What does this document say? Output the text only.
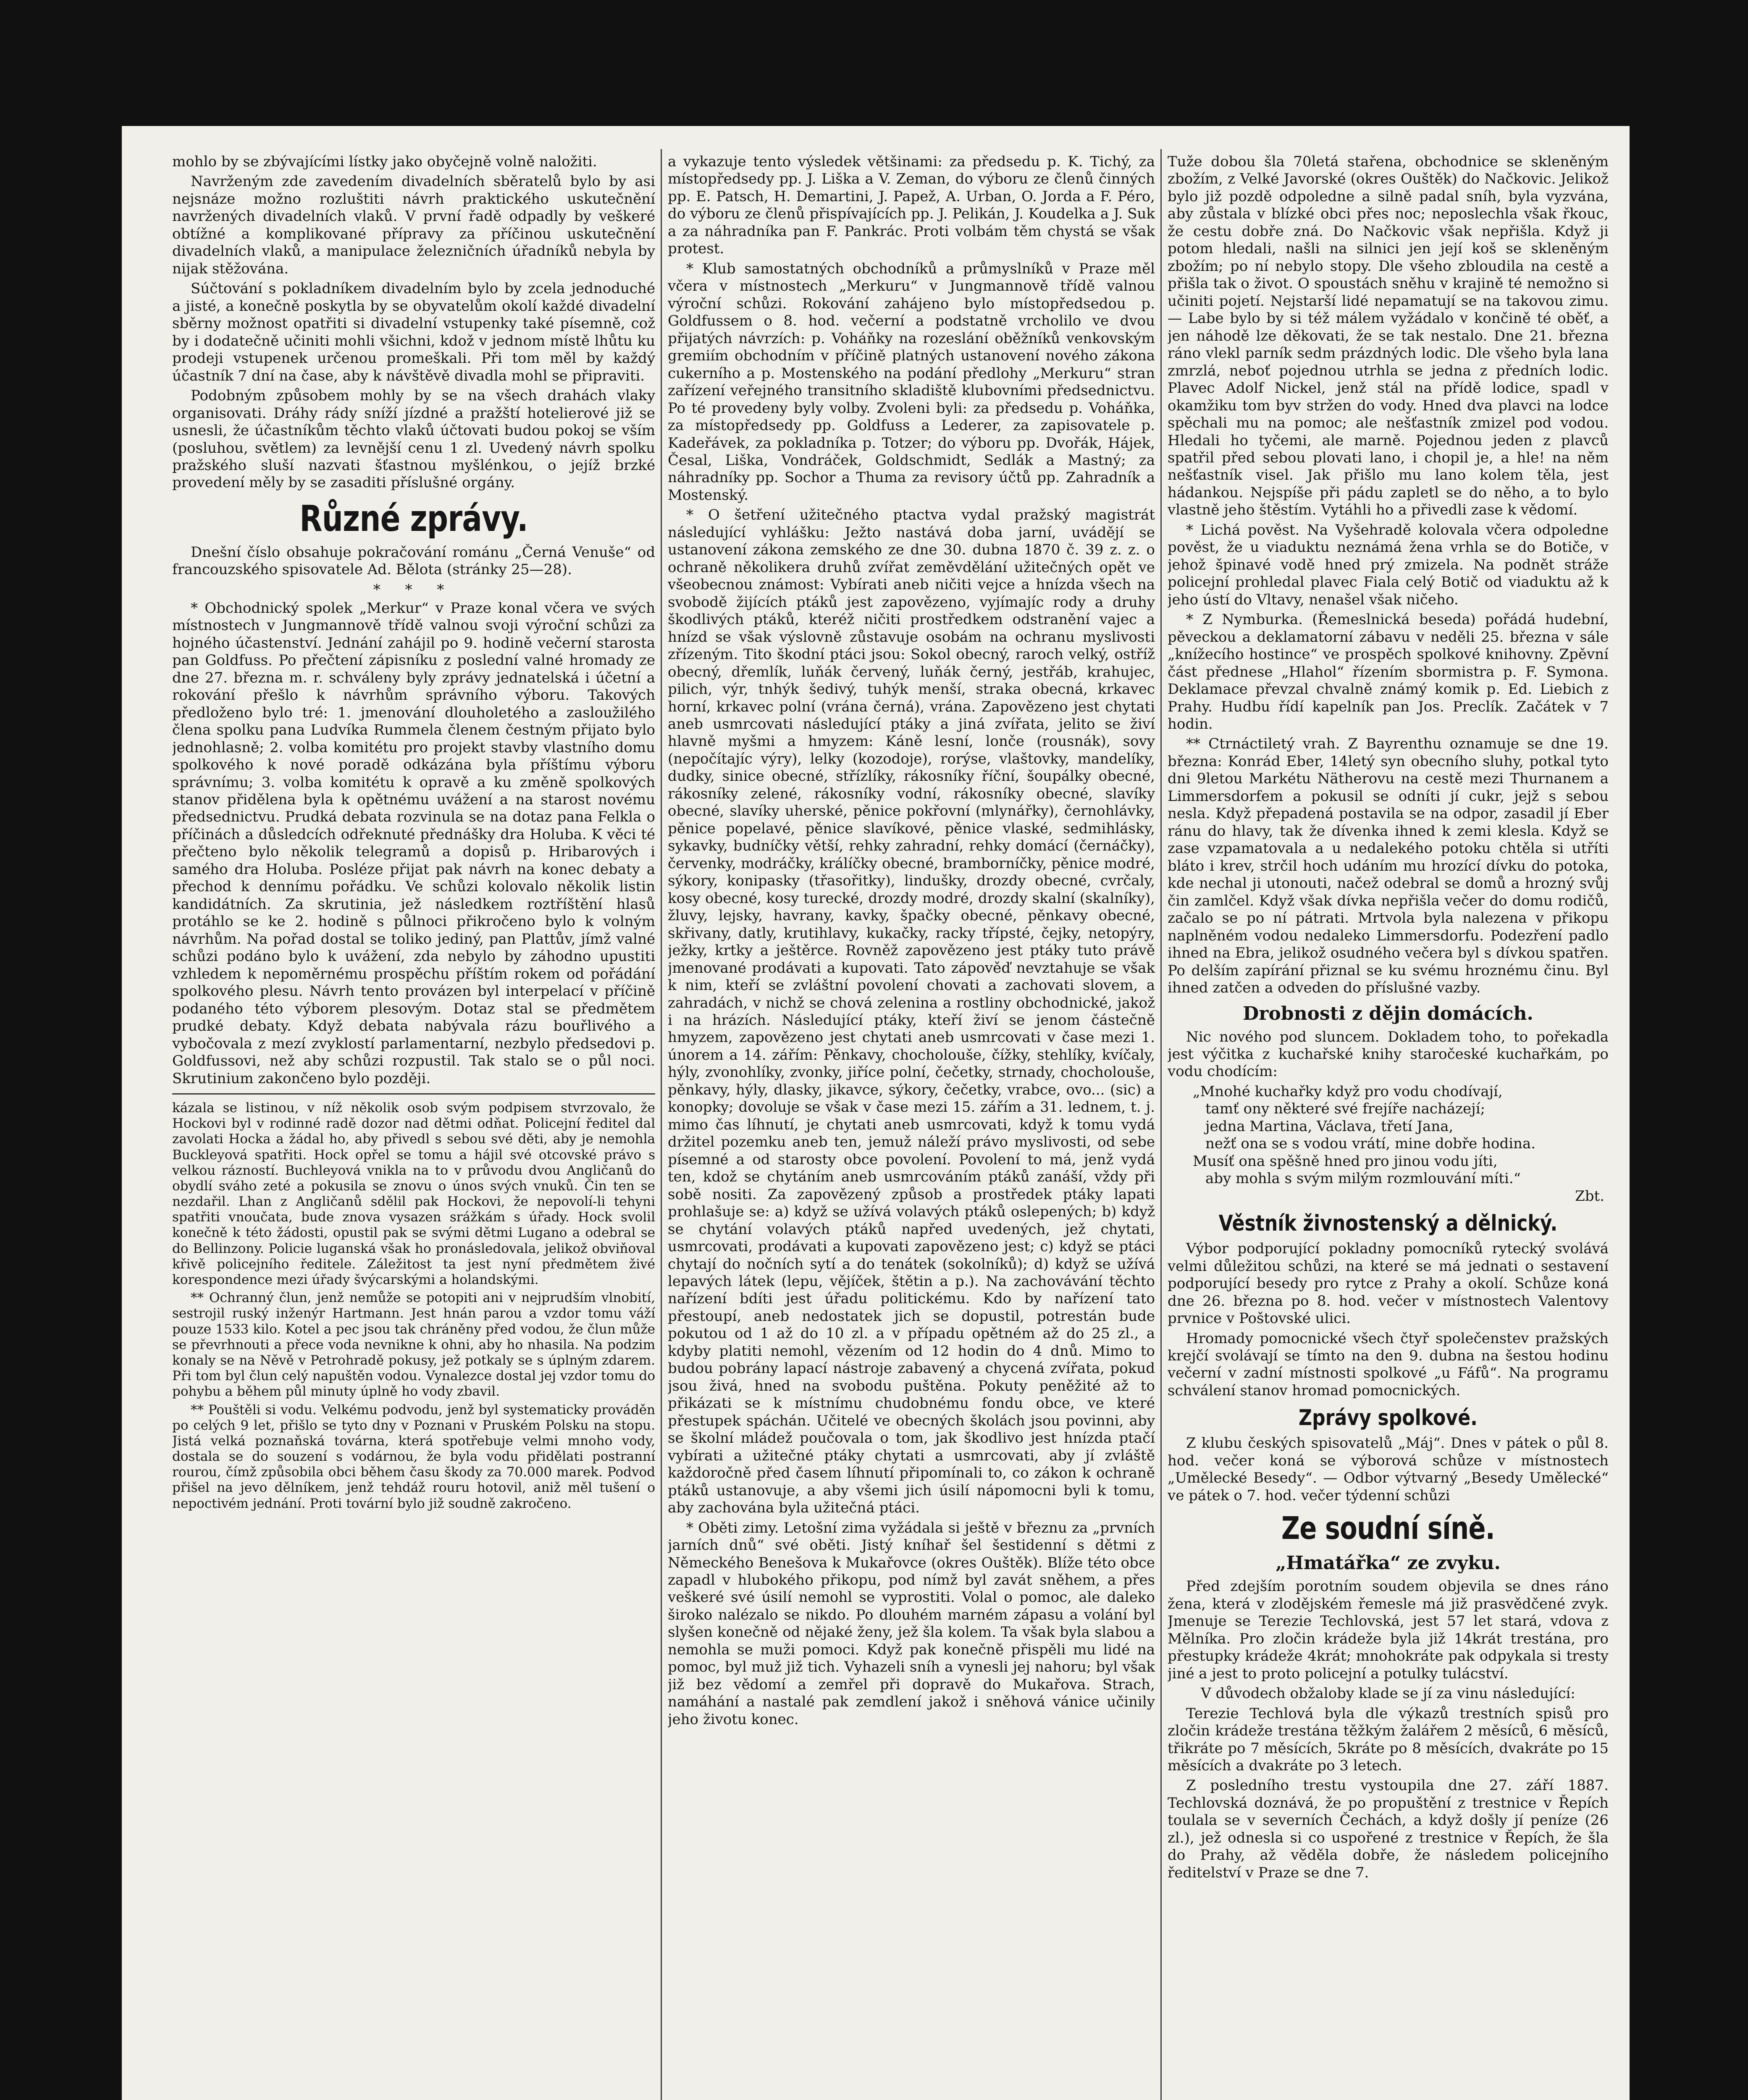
mohlo by se zbývajícími lístky jako obyčejně volně naložiti.

Navrženým zde zavedením divadelních sběratelů bylo by asi nejsnáze možno rozluštiti návrh praktického uskutečnění navržených divadelních vlaků. V první řadě odpadly by veškeré obtížné a komplikované přípravy za příčinou uskutečnění divadelních vlaků, a manipulace železničních úřadníků nebyla by nijak stěžována.

Súčtování s pokladníkem divadelním bylo by zcela jednoduché a jisté, a konečně poskytla by se obyvatelům okolí každé divadelní sběrny možnost opatřiti si divadelní vstupenky také písemně, což by i dodatečně učiniti mohli všichni, kdož v jednom místě lhůtu ku prodeji vstupenek určenou promeškali. Při tom měl by každý účastník 7 dní na čase, aby k návštěvě divadla mohl se připraviti.

Podobným způsobem mohly by se na všech drahách vlaky organisovati. Dráhy rády sníží jízdné a pražští hotelierové již se usnesli, že účastníkům těchto vlaků účtovati budou pokoj se vším (posluhou, světlem) za levnější cenu 1 zl. Uvedený návrh spolku pražského sluší nazvati šťastnou myšlénkou, o jejíž brzké provedení měly by se zasaditi příslušné orgány.

Různé zprávy.

Dnešní číslo obsahuje pokračování románu „Černá Venuše“ od francouzského spisovatele Ad. Bělota (stránky 25—28).

* * *

* Obchodnický spolek „Merkur“ v Praze konal včera ve svých místnostech v Jungmannově třídě valnou svoji výroční schůzi za hojného účastenství. Jednání zahájil po 9. hodině večerní starosta pan Goldfuss. Po přečtení zápisníku z poslední valné hromady ze dne 27. března m. r. schváleny byly zprávy jednatelská i účetní a rokování přešlo k návrhům správního výboru. Takových předloženo bylo tré: 1. jmenování dlouholetého a zasloužilého člena spolku pana Ludvíka Rummela členem čestným přijato bylo jednohlasně; 2. volba komitétu pro projekt stavby vlastního domu spolkového k nové poradě odkázána byla příštímu výboru správnímu; 3. volba komitétu k opravě a ku změně spolkových stanov přidělena byla k opětnému uvážení a na starost novému předsednictvu. Prudká debata rozvinula se na dotaz pana Felkla o příčinách a důsledcích odřeknuté přednášky dra Holuba. K věci té přečteno bylo několik telegramů a dopisů p. Hribarových i samého dra Holuba. Posléze přijat pak návrh na konec debaty a přechod k dennímu pořádku. Ve schůzi kolovalo několik listin kandidátních. Za skrutinia, jež následkem roztříštění hlasů protáhlo se ke 2. hodině s půlnoci přikročeno bylo k volným návrhům. Na pořad dostal se toliko jediný, pan Plattův, jímž valné schůzi podáno bylo k uvážení, zda nebylo by záhodno upustiti vzhledem k nepoměrnému prospěchu příštím rokem od pořádání spolkového plesu. Návrh tento provázen byl interpelací v příčině podaného této výborem plesovým. Dotaz stal se předmětem prudké debaty. Když debata nabývala rázu bouřlivého a vybočovala z mezí zvyklostí parlamentarní, nezbylo předsedovi p. Goldfussovi, než aby schůzi rozpustil. Tak stalo se o půl noci. Skrutinium zakončeno bylo později.

kázala se listinou, v níž několik osob svým podpisem stvrzovalo, že Hockovi byl v rodinné radě dozor nad dětmi odňat. Policejní ředitel dal zavolati Hocka a žádal ho, aby přivedl s sebou své děti, aby je nemohla Buckleyová spatřiti. Hock opřel se tomu a hájil své otcovské právo s velkou rázností. Buchleyová vnikla na to v průvodu dvou Angličanů do obydlí sváho zeté a pokusila se znovu o únos svých vnuků. Čin ten se nezdařil. Lhan z Angličanů sdělil pak Hockovi, že nepovolí-li tehyni spatřiti vnoučata, bude znova vysazen srážkám s úřady. Hock svolil konečně k této žádosti, opustil pak se svými dětmi Lugano a odebral se do Bellinzony. Policie luganská však ho pronásledovala, jelikož obviňoval křivě policejního ředitele. Záležitost ta jest nyní předmětem živé korespondence mezi úřady švýcarskými a holandskými.

** Ochranný člun, jenž nemůže se potopiti ani v nejprudším vlnobití, sestrojil ruský inženýr Hartmann. Jest hnán parou a vzdor tomu váží pouze 1533 kilo. Kotel a pec jsou tak chráněny před vodou, že člun může se převrhnouti a přece voda nevnikne k ohni, aby ho nhasila. Na podzim konaly se na Něvě v Petrohradě pokusy, jež potkaly se s úplným zdarem. Při tom byl člun celý napuštěn vodou. Vynalezce dostal jej vzdor tomu do pohybu a během půl minuty úplně ho vody zbavil.

** Pouštěli si vodu. Velkému podvodu, jenž byl systematicky prováděn po celých 9 let, přišlo se tyto dny v Poznani v Pruském Polsku na stopu. Jistá velká poznaňská továrna, která spotřebuje velmi mnoho vody, dostala se do souzení s vodárnou, že byla vodu přidělati postranní rourou, čímž způsobila obci během času škody za 70.000 marek. Podvod přišel na jevo dělníkem, jenž tehdáž rouru hotovil, aniž měl tušení o nepoctivém jednání. Proti tovární bylo již soudně zakročeno.

a vykazuje tento výsledek většinami: za předsedu p. K. Tichý, za místopředsedy pp. J. Liška a V. Zeman, do výboru ze členů činných pp. E. Patsch, H. Demartini, J. Papež, A. Urban, O. Jorda a F. Péro, do výboru ze členů přispívajících pp. J. Pelikán, J. Koudelka a J. Suk a za náhradníka pan F. Pankrác. Proti volbám těm chystá se však protest.

* Klub samostatných obchodníků a průmyslníků v Praze měl včera v místnostech „Merkuru“ v Jungmannově třídě valnou výroční schůzi. Rokování zahájeno bylo místopředsedou p. Goldfussem o 8. hod. večerní a podstatně vrcholilo ve dvou přijatých návrzích: p. Voháňky na rozeslání oběžníků venkovským gremiím obchodním v příčině platných ustanovení nového zákona cukerního a p. Mostenského na podání předlohy „Merkuru“ stran zařízení veřejného transitního skladiště klubovními předsednictvu. Po té provedeny byly volby. Zvoleni byli: za předsedu p. Voháňka, za místopředsedy pp. Goldfuss a Lederer, za zapisovatele p. Kadeřávek, za pokladníka p. Totzer; do výboru pp. Dvořák, Hájek, Česal, Liška, Vondráček, Goldschmidt, Sedlák a Mastný; za náhradníky pp. Sochor a Thuma za revisory účtů pp. Zahradník a Mostenský.

* O šetření užitečného ptactva vydal pražský magistrát následující vyhlášku: Ježto nastává doba jarní, uvádějí se ustanovení zákona zemského ze dne 30. dubna 1870 č. 39 z. z. o ochraně několikera druhů zvířat zeměvdělání užitečných opět ve všeobecnou známost: Vybírati aneb ničiti vejce a hnízda všech na svobodě žijících ptáků jest zapovězeno, vyjímajíc rody a druhy škodlivých ptáků, kteréž ničiti prostředkem odstranění vajec a hnízd se však výslovně zůstavuje osobám na ochranu myslivosti zřízeným. Tito škodní ptáci jsou: Sokol obecný, raroch velký, ostříž obecný, dřemlík, luňák červený, luňák černý, jestřáb, krahujec, pilich, výr, tnhýk šedivý, tuhýk menší, straka obecná, krkavec horní, krkavec polní (vrána černá), vrána. Zapovězeno jest chytati aneb usmrcovati následující ptáky a jiná zvířata, jelito se živí hlavně myšmi a hmyzem: Káně lesní, lonče (rousnák), sovy (nepočítajíc výry), lelky (kozodoje), rorýse, vlaštovky, mandelíky, dudky, sinice obecné, střízlíky, rákosníky říční, šoupálky obecné, rákosníky zelené, rákosníky vodní, rákosníky obecné, slavíky obecné, slavíky uherské, pěnice pokřovní (mlynářky), černohlávky, pěnice popelavé, pěnice slavíkové, pěnice vlaské, sedmihlásky, sykavky, budníčky větší, rehky zahradní, rehky domácí (černáčky), červenky, modráčky, králíčky obecné, bramborníčky, pěnice modré, sýkory, konipasky (třasořitky), lindušky, drozdy obecné, cvrčaly, kosy obecné, kosy turecké, drozdy modré, drozdy skalní (skalníky), žluvy, lejsky, havrany, kavky, špačky obecné, pěnkavy obecné, skřivany, datly, krutihlavy, kukačky, racky třípsté, čejky, netopýry, ježky, krtky a ještěrce. Rovněž zapovězeno jest ptáky tuto právě jmenované prodávati a kupovati. Tato zápověď nevztahuje se však k nim, kteří se zvláštní povolení chovati a zachovati slovem, a zahradách, v nichž se chová zelenina a rostliny obchodnické, jakož i na hrázích. Následující ptáky, kteří živí se jenom částečně hmyzem, zapovězeno jest chytati aneb usmrcovati v čase mezi 1. únorem a 14. zářím: Pěnkavy, chocholouše, čížky, stehlíky, kvíčaly, hýly, zvonohlíky, zvonky, jiříce polní, čečetky, strnady, chocholouše, pěnkavy, hýly, dlasky, jikavce, sýkory, čečetky, vrabce, ovo... (sic) a konopky; dovoluje se však v čase mezi 15. zářím a 31. lednem, t. j. mimo čas líhnutí, je chytati aneb usmrcovati, když k tomu vydá držitel pozemku aneb ten, jemuž náleží právo myslivosti, od sebe písemné a od starosty obce povolení. Povolení to má, jenž vydá ten, kdož se chytáním aneb usmrcováním ptáků zanáší, vždy při sobě nositi. Za zapovězený způsob a prostředek ptáky lapati prohlašuje se: a) když se užívá volavých ptáků oslepených; b) když se chytání volavých ptáků napřed uvedených, jež chytati, usmrcovati, prodávati a kupovati zapovězeno jest; c) když se ptáci chytají do nočních sytí a do tenátek (sokolníků); d) když se užívá lepavých látek (lepu, vějíček, štětin a p.). Na zachovávání těchto nařízení bdíti jest úřadu politickému. Kdo by nařízení tato přestoupí, aneb nedostatek jich se dopustil, potrestán bude pokutou od 1 až do 10 zl. a v případu opětném až do 25 zl., a kdyby platiti nemohl, vězením od 12 hodin do 4 dnů. Mimo to budou pobrány lapací nástroje zabavený a chycená zvířata, pokud jsou živá, hned na svobodu puštěna. Pokuty peněžité až to přikázati se k místnímu chudobnému fondu obce, ve které přestupek spáchán. Učitelé ve obecných školách jsou povinni, aby se školní mládež poučovala o tom, jak škodlivo jest hnízda ptačí vybírati a užitečné ptáky chytati a usmrcovati, aby jí zvláště každoročně před časem líhnutí připomínali to, co zákon k ochraně ptáků ustanovuje, a aby všemi jich úsilí nápomocni byli k tomu, aby zachována byla užitečná ptáci.

* Oběti zimy. Letošní zima vyžádala si ještě v březnu za „prvních jarních dnů“ své oběti. Jistý kníhař šel šestidenní s dětmi z Německého Benešova k Mukařovce (okres Ouštěk). Blíže této obce zapadl v hlubokého přikopu, pod nímž byl zavát sněhem, a přes veškeré své úsilí nemohl se vyprostiti. Volal o pomoc, ale daleko široko nalézalo se nikdo. Po dlouhém marném zápasu a volání byl slyšen konečně od nějaké ženy, jež šla kolem. Ta však byla slabou a nemohla se muži pomoci. Když pak konečně přispěli mu lidé na pomoc, byl muž již tich. Vyhazeli sníh a vynesli jej nahoru; byl však již bez vědomí a zemřel při dopravě do Mukařova. Strach, namáhání a nastalé pak zemdlení jakož i sněhová vánice učinily jeho životu konec.

Tuže dobou šla 70letá stařena, obchodnice se skleněným zbožím, z Velké Javorské (okres Ouštěk) do Načkovic. Jelikož bylo již pozdě odpoledne a silně padal sníh, byla vyzvána, aby zůstala v blízké obci přes noc; neposlechla však řkouc, že cestu dobře zná. Do Načkovic však nepřišla. Když ji potom hledali, našli na silnici jen její koš se skleněným zbožím; po ní nebylo stopy. Dle všeho zbloudila na cestě a přišla tak o život. O spoustách sněhu v krajině té nemožno si učiniti pojetí. Nejstarší lidé nepamatují se na takovou zimu. — Labe bylo by si též málem vyžádalo v končině té oběť, a jen náhodě lze děkovati, že se tak nestalo. Dne 21. března ráno vlekl parník sedm prázdných lodic. Dle všeho byla lana zmrzlá, neboť pojednou utrhla se jedna z předních lodic. Plavec Adolf Nickel, jenž stál na přídě lodice, spadl v okamžiku tom byv stržen do vody. Hned dva plavci na lodce spěchali mu na pomoc; ale nešťastník zmizel pod vodou. Hledali ho tyčemi, ale marně. Pojednou jeden z plavců spatřil před sebou plovati lano, i chopil je, a hle! na něm nešťastník visel. Jak přišlo mu lano kolem těla, jest hádankou. Nejspíše při pádu zapletl se do něho, a to bylo vlastně jeho štěstím. Vytáhli ho a přivedli zase k vědomí.

* Lichá pověst. Na Vyšehradě kolovala včera odpoledne pověst, že u viaduktu neznámá žena vrhla se do Botiče, v jehož špinavé vodě hned prý zmizela. Na podnět stráže policejní prohledal plavec Fiala celý Botič od viaduktu až k jeho ústí do Vltavy, nenašel však ničeho.

* Z Nymburka. (Řemeslnická beseda) pořádá hudební, pěveckou a deklamatorní zábavu v neděli 25. března v sále „knížecího hostince“ ve prospěch spolkové knihovny. Zpěvní část přednese „Hlahol“ řízením sbormistra p. F. Symona. Deklamace převzal chvalně známý komik p. Ed. Liebich z Prahy. Hudbu řídí kapelník pan Jos. Preclík. Začátek v 7 hodin.

** Ctrnáctiletý vrah. Z Bayrenthu oznamuje se dne 19. března: Konrád Eber, 14letý syn obecního sluhy, potkal tyto dni 9letou Markétu Nätherovu na cestě mezi Thurnanem a Limmersdorfem a pokusil se odníti jí cukr, jejž s sebou nesla. Když přepadená postavila se na odpor, zasadil jí Eber ránu do hlavy, tak že dívenka ihned k zemi klesla. Když se zase vzpamatovala a u nedalekého potoku chtěla si utříti bláto i krev, strčil hoch udáním mu hrozící dívku do potoka, kde nechal ji utonouti, načež odebral se domů a hrozný svůj čin zamlčel. Když však dívka nepřišla večer do domu rodičů, začalo se po ní pátrati. Mrtvola byla nalezena v přikopu naplněném vodou nedaleko Limmersdorfu. Podezření padlo ihned na Ebra, jelikož osudného večera byl s dívkou spatřen. Po delším zapírání přiznal se ku svému hroznému činu. Byl ihned zatčen a odveden do příslušné vazby.

Drobnosti z dějin domácích.

Nic nového pod sluncem. Dokladem toho, to pořekadla jest výčitka z kuchařské knihy staročeské kuchařkám, po vodu chodícím:

„Mnohé kuchařky když pro vodu chodívají,

tamť ony některé své frejíře nacházejí;

jedna Martina, Václava, třetí Jana,

nežť ona se s vodou vrátí, mine dobře hodina.

Musíť ona spěšně hned pro jinou vodu jíti,

aby mohla s svým milým rozmlouvání míti.“

Zbt.

Věstník živnostenský a dělnický.

Výbor podporující pokladny pomocníků rytecký svolává velmi důležitou schůzi, na které se má jednati o sestavení podporující besedy pro rytce z Prahy a okolí. Schůze koná dne 26. března po 8. hod. večer v místnostech Valentovy prvnice v Poštovské ulici.

Hromady pomocnické všech čtyř společenstev pražských krejčí svolávají se tímto na den 9. dubna na šestou hodinu večerní v zadní místnosti spolkové „u Fáfů“. Na programu schválení stanov hromad pomocnických.

Zprávy spolkové.

Z klubu českých spisovatelů „Máj“. Dnes v pátek o půl 8. hod. večer koná se výborová schůze v místnostech „Umělecké Besedy“. — Odbor výtvarný „Besedy Umělecké“ ve pátek o 7. hod. večer týdenní schůzi

Ze soudní síně.
„Hmatářka“ ze zvyku.

Před zdejším porotním soudem objevila se dnes ráno žena, která v zlodějském řemesle má již prasvědčené zvyk. Jmenuje se Terezie Techlovská, jest 57 let stará, vdova z Mělníka. Pro zločin krádeže byla již 14krát trestána, pro přestupky krádeže 4krát; mnohokráte pak odpykala si tresty jiné a jest to proto policejní a potulky tulácství.

V důvodech obžaloby klade se jí za vinu následující:

Terezie Techlová byla dle výkazů trestních spisů pro zločin krádeže trestána těžkým žalářem 2 měsíců, 6 měsíců, třikráte po 7 měsících, 5kráte po 8 měsících, dvakráte po 15 měsících a dvakráte po 3 letech.

Z posledního trestu vystoupila dne 27. září 1887. Techlovská doznává, že po propuštění z trestnice v Řepích toulala se v severních Čechách, a když došly jí peníze (26 zl.), jež odnesla si co uspořené z trestnice v Řepích, že šla do Prahy, až věděla dobře, že následem policejního ředitelství v Praze se dne 7.
